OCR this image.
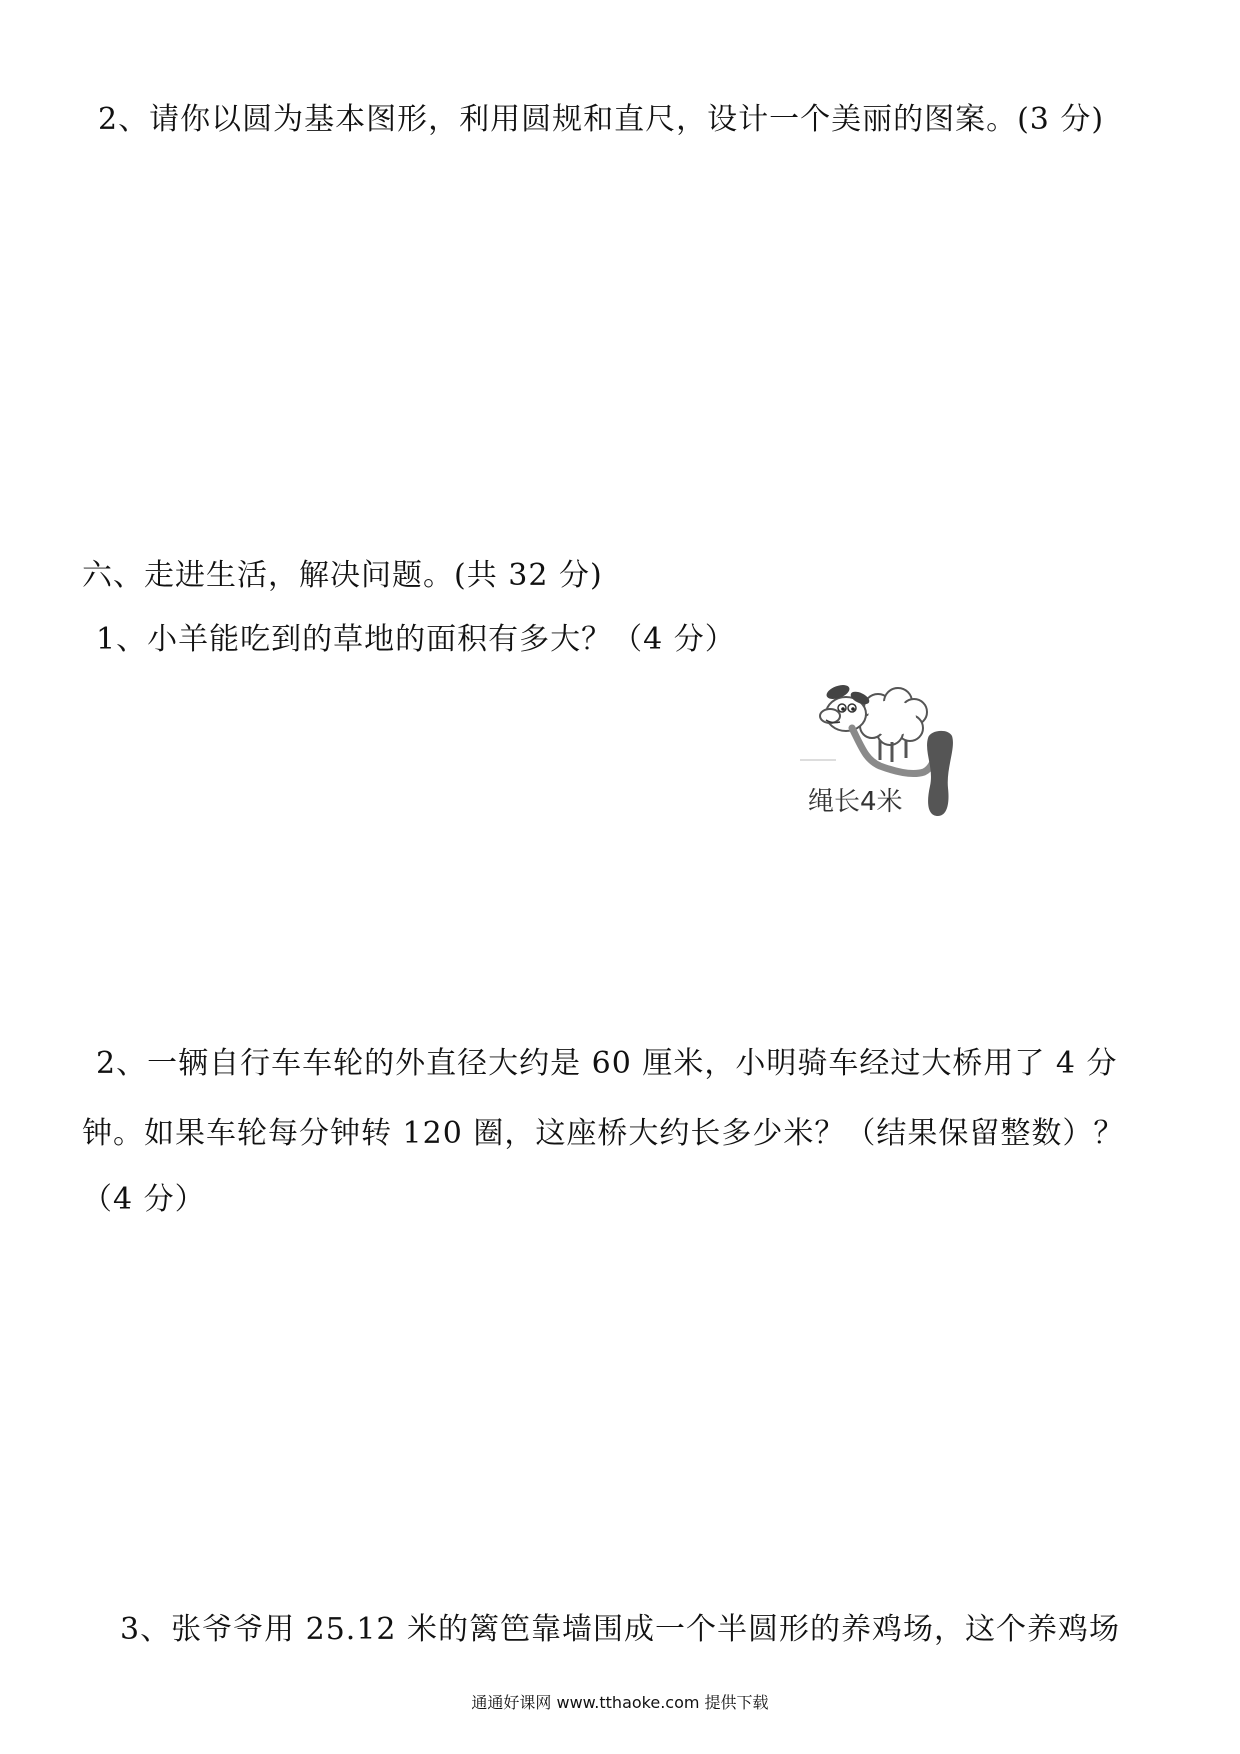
2、请你以圆为基本图形，利用圆规和直尺，设计一个美丽的图案。(3 分)
六、走进生活，解决问题。(共 32 分)
1、小羊能吃到的草地的面积有多大？（4 分）
绳长4米
2、一辆自行车车轮的外直径大约是 60 厘米，小明骑车经过大桥用了 4 分
钟。如果车轮每分钟转 120 圈，这座桥大约长多少米？（结果保留整数）？
（4 分）
3、张爷爷用 25.12 米的篱笆靠墙围成一个半圆形的养鸡场，这个养鸡场
通通好课网 www.tthaoke.com 提供下载
